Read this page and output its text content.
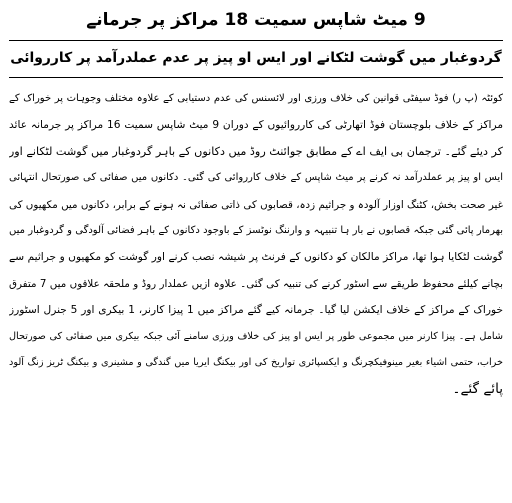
9 میٹ شاپس سمیت 18 مراکز پر جرمانے
گردوغبار میں گوشت لٹکانے اور ایس او پیز پر عدم عملدرآمد پر کارروائی
کوئٹہ (پ ر) فوڈ سیفٹی قوانین کی خلاف ورزی اور لائسنس کی عدم دستیابی کے علاوہ مختلف وجوہات پر خوراک کے
مراکز کے خلاف بلوچستان فوڈ اتھارٹی کی کارروائیوں کے دوران 9 میٹ شاپس سمیت 16 مراکز پر جرمانہ عائد
کر دیئے گئے۔ ترجمان بی ایف اے کے مطابق جوائنٹ روڈ میں دکانوں کے باہر گردوغبار میں گوشت لٹکانے اور
ایس او پیز پر عملدرآمد نہ کرنے پر میٹ شاپس کے خلاف کارروائی کی گئی۔ دکانوں میں صفائی کی صورتحال انتہائی
غیر صحت بخش، کٹنگ اوزار آلودہ و جراثیم زدہ، قصابوں کی ذاتی صفائی نہ ہونے کے برابر، دکانوں میں مکھیوں کی
بھرمار پائی گئی جبکہ قصابوں نے بار ہا تنبیہہ و وارننگ نوٹسز کے باوجود دکانوں کے باہر فضائی آلودگی و گردوغبار میں
گوشت لٹکایا ہوا تھا، مراکز مالکان کو دکانوں کے فرنٹ پر شیشہ نصب کرنے اور گوشت کو مکھیوں و جراثیم سے
بچانے کیلئے محفوظ طریقے سے اسٹور کرنے کی تنبیہ کی گئی۔ علاوہ ازیں عملدار روڈ و ملحقہ علاقوں میں 7 متفرق
خوراک کے مراکز کے خلاف ایکشن لیا گیا۔ جرمانہ کیے گئے مراکز میں 1 پیزا کارنر، 1 بیکری اور 5 جنرل اسٹورز
شامل ہے۔ پیزا کارنر میں مجموعی طور پر ایس او پیز کی خلاف ورزی سامنے آئی جبکہ بیکری میں صفائی کی صورتحال
خراب، حتمی اشیاء بغیر مینوفیکچرنگ و ایکسپائری تواریخ کی اور بیکنگ ایریا میں گندگی و مشینری و بیکنگ ٹریز زنگ آلود
پائے گئے۔
